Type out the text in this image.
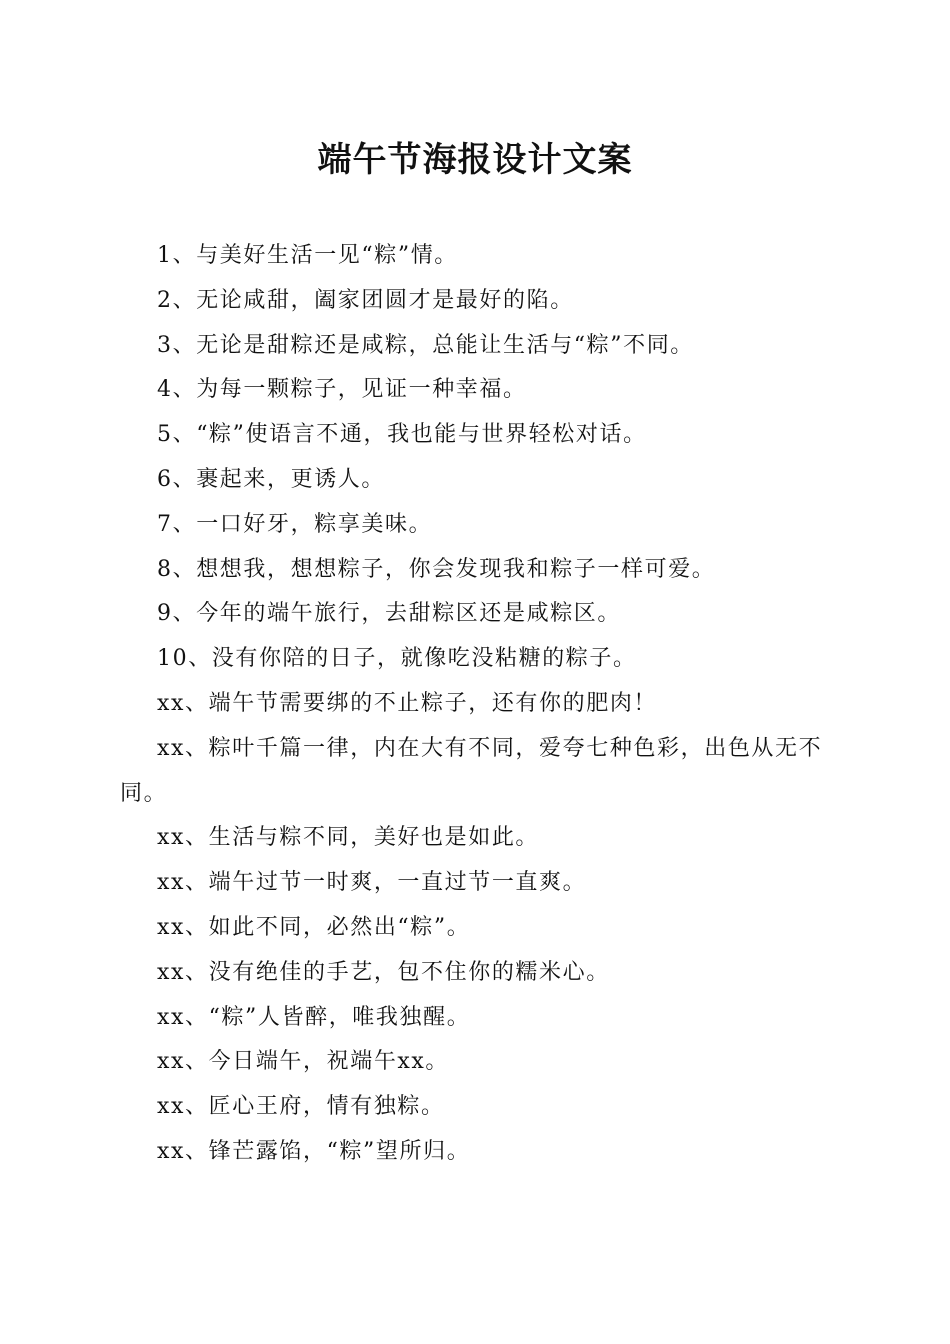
端午节海报设计文案
1、与美好生活一见“粽”情。
2、无论咸甜，阖家团圆才是最好的陷。
3、无论是甜粽还是咸粽，总能让生活与“粽”不同。
4、为每一颗粽子，见证一种幸福。
5、“粽”使语言不通，我也能与世界轻松对话。
6、裹起来，更诱人。
7、一口好牙，粽享美味。
8、想想我，想想粽子，你会发现我和粽子一样可爱。
9、今年的端午旅行，去甜粽区还是咸粽区。
10、没有你陪的日子，就像吃没粘糖的粽子。
xx、端午节需要绑的不止粽子，还有你的肥肉！
xx、粽叶千篇一律，内在大有不同，爱夸七种色彩，出色从无不同。
xx、生活与粽不同，美好也是如此。
xx、端午过节一时爽，一直过节一直爽。
xx、如此不同，必然出“粽”。
xx、没有绝佳的手艺，包不住你的糯米心。
xx、“粽”人皆醉，唯我独醒。
xx、今日端午，祝端午xx。
xx、匠心王府，情有独粽。
xx、锋芒露馅，“粽”望所归。
